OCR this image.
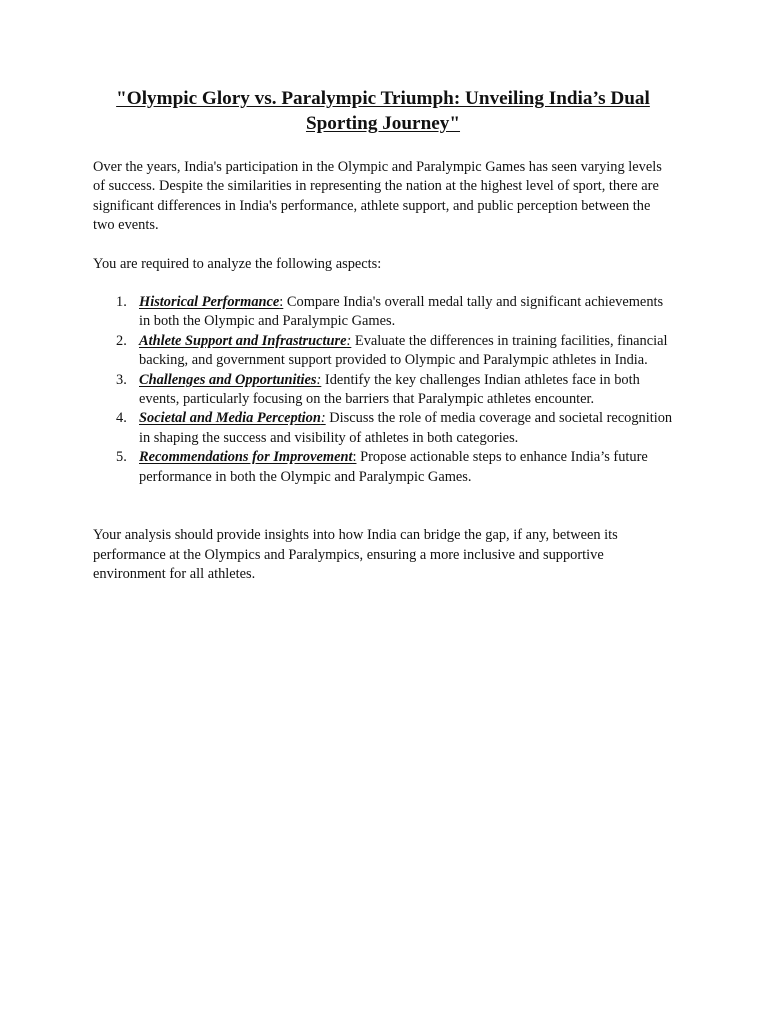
"Olympic Glory vs. Paralympic Triumph: Unveiling India’s Dual Sporting Journey"

Over the years, India's participation in the Olympic and Paralympic Games has seen varying levels of success. Despite the similarities in representing the nation at the highest level of sport, there are significant differences in India's performance, athlete support, and public perception between the two events.

You are required to analyze the following aspects:

1. Historical Performance: Compare India's overall medal tally and significant achievements in both the Olympic and Paralympic Games.
2. Athlete Support and Infrastructure: Evaluate the differences in training facilities, financial backing, and government support provided to Olympic and Paralympic athletes in India.
3. Challenges and Opportunities: Identify the key challenges Indian athletes face in both events, particularly focusing on the barriers that Paralympic athletes encounter.
4. Societal and Media Perception: Discuss the role of media coverage and societal recognition in shaping the success and visibility of athletes in both categories.
5. Recommendations for Improvement: Propose actionable steps to enhance India’s future performance in both the Olympic and Paralympic Games.

Your analysis should provide insights into how India can bridge the gap, if any, between its performance at the Olympics and Paralympics, ensuring a more inclusive and supportive environment for all athletes.
